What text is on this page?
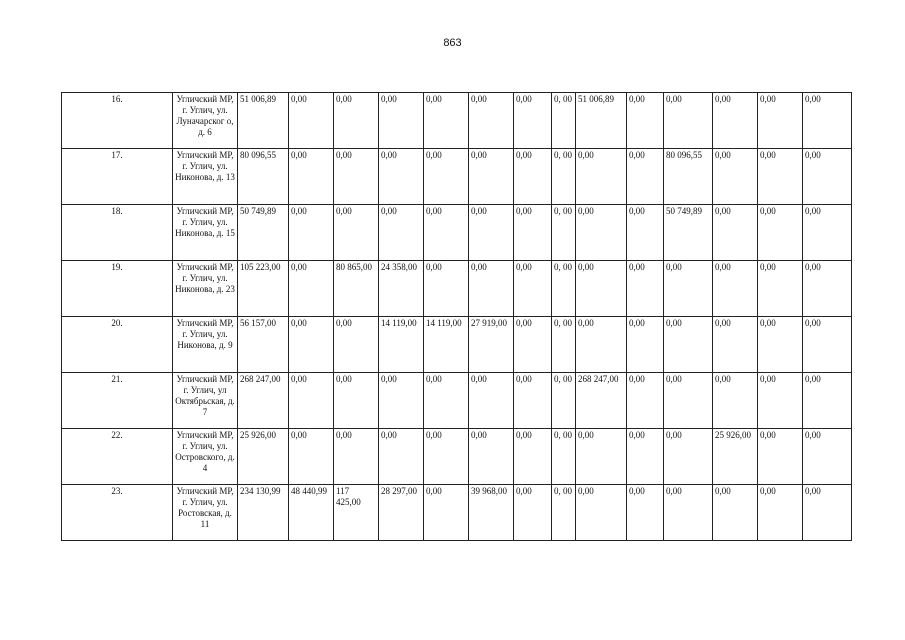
863
16.	Угличский МР, г. Углич, ул. Луначарског о, д. 6	51 006,89	0,00	0,00	0,00	0,00	0,00	0,00	0, 00	51 006,89	0,00	0,00	0,00	0,00	0,00
17.	Угличский МР, г. Углич, ул. Никонова, д. 13	80 096,55	0,00	0,00	0,00	0,00	0,00	0,00	0, 00	0,00	0,00	80 096,55	0,00	0,00	0,00
18.	Угличский МР, г. Углич, ул. Никонова, д. 15	50 749,89	0,00	0,00	0,00	0,00	0,00	0,00	0, 00	0,00	0,00	50 749,89	0,00	0,00	0,00
19.	Угличский МР, г. Углич, ул. Никонова, д. 23	105 223,00	0,00	80 865,00	24 358,00	0,00	0,00	0,00	0, 00	0,00	0,00	0,00	0,00	0,00	0,00
20.	Угличский МР, г. Углич, ул. Никонова, д. 9	56 157,00	0,00	0,00	14 119,00	14 119,00	27 919,00	0,00	0, 00	0,00	0,00	0,00	0,00	0,00	0,00
21.	Угличский МР, г. Углич, ул Октябрьская, д. 7	268 247,00	0,00	0,00	0,00	0,00	0,00	0,00	0, 00	268 247,00	0,00	0,00	0,00	0,00	0,00
22.	Угличский МР, г. Углич, ул. Островского, д. 4	25 926,00	0,00	0,00	0,00	0,00	0,00	0,00	0, 00	0,00	0,00	0,00	25 926,00	0,00	0,00
23.	Угличский МР, г. Углич, ул. Ростовская, д. 11	234 130,99	48 440,99	117 425,00	28 297,00	0,00	39 968,00	0,00	0, 00	0,00	0,00	0,00	0,00	0,00	0,00
